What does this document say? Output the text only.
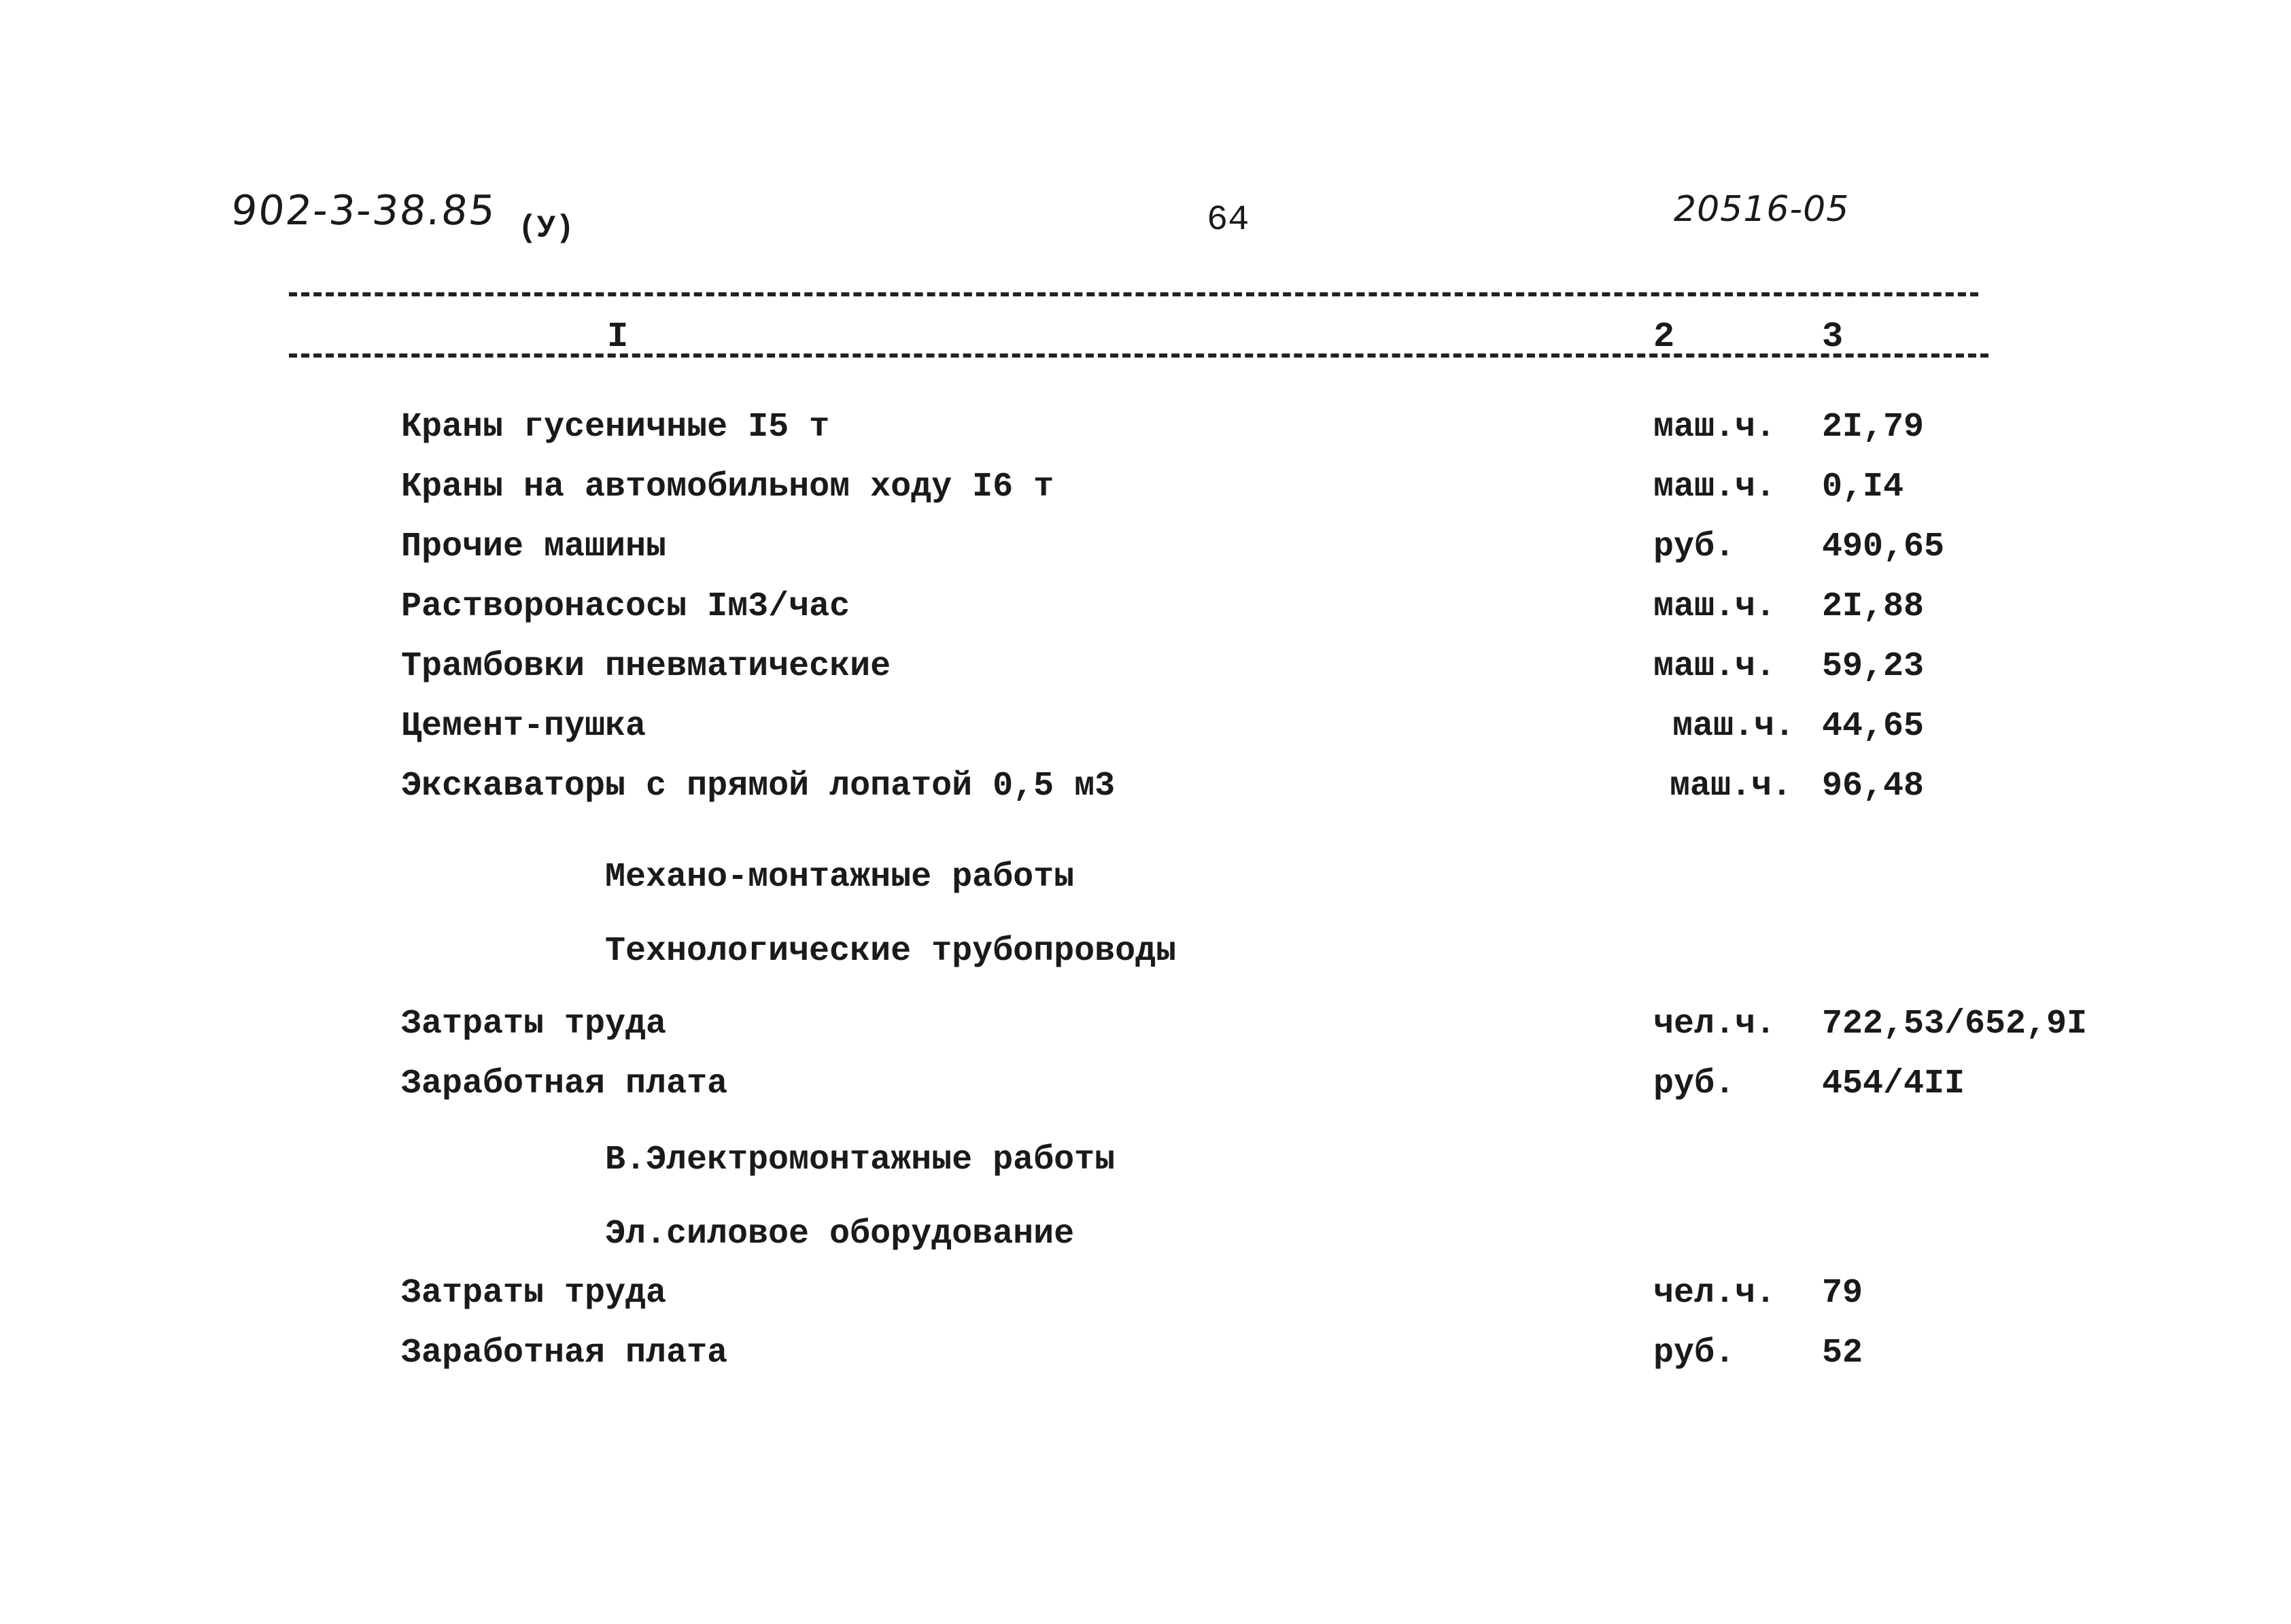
902-3-38.85 (У)	64	20516-05
I	2	3
Краны гусеничные I5 т	маш.ч. 2I,79
Краны на автомобильном ходу I6 т	маш.ч. 0,I4
Прочие машины	руб.	490,65
Растворонасосы Iм3/час	маш.ч. 2I,88
Трамбовки пневматические	маш.ч. 59,23
Цемент-пушка	маш.ч. 44,65
Экскаваторы с прямой лопатой 0,5 м3	маш.ч. 96,48
Механо-монтажные работы
Технологические трубопроводы
Затраты труда	чел.ч. 722,53/652,9I
Заработная плата	руб.	454/4II
В.Электромонтажные работы
Эл.силовое оборудование
Затраты труда	чел.ч. 79
Заработная плата	руб.	52
